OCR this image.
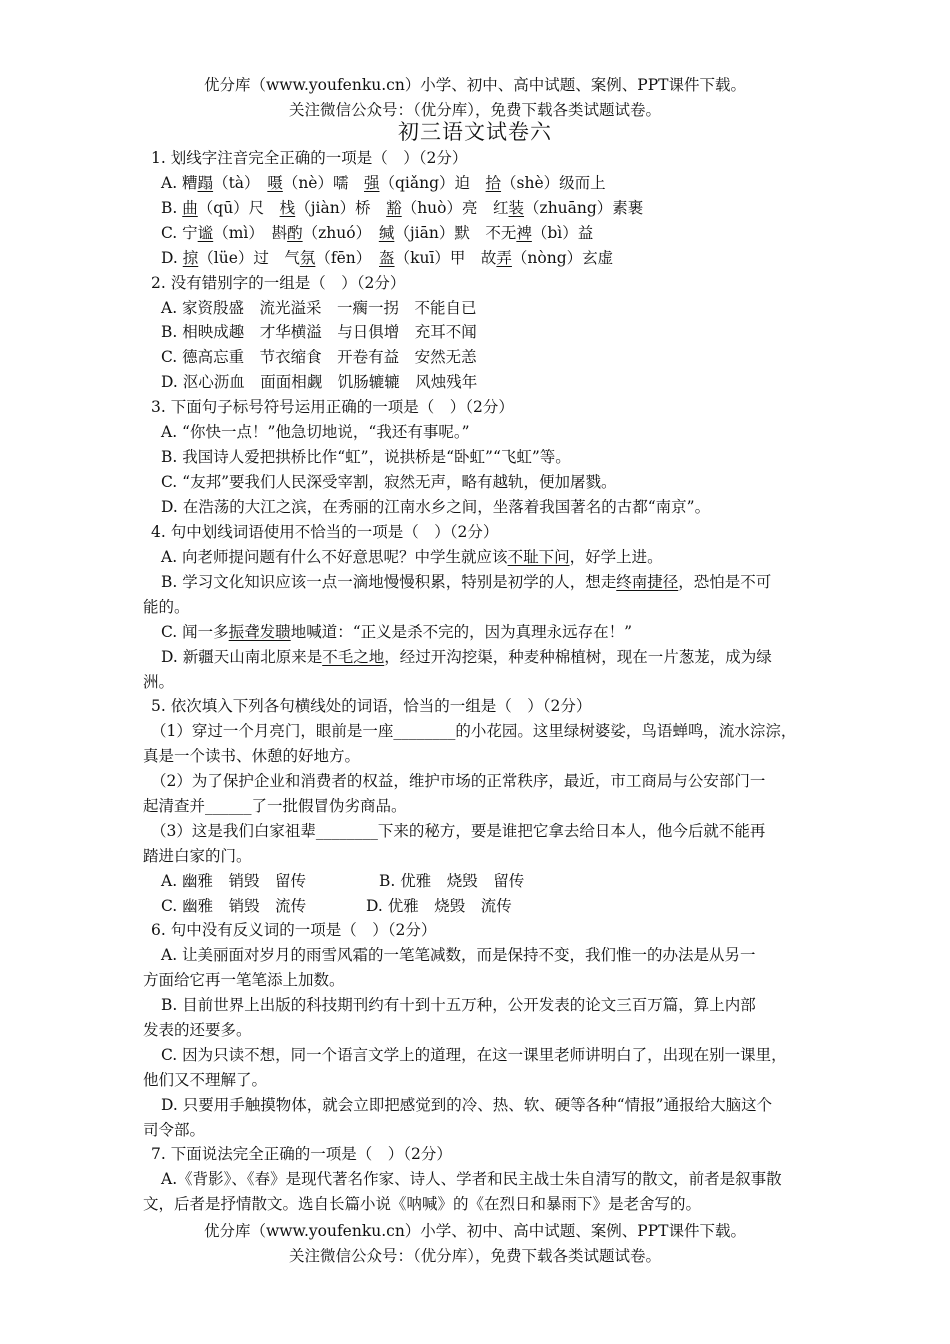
优分库（www.youfenku.cn）小学、初中、高中试题、案例、PPT课件下载。
关注微信公众号：（优分库），免费下载各类试题试卷。
初三语文试卷六
1. 划线字注音完全正确的一项是（　）（2分）
A. 糟蹋（tà）　嗫（nè）嚅　强（qiǎng）迫　拾（shè）级而上
B. 曲（qū）尺　栈（jiàn）桥　豁（huò）亮　红装（zhuāng）素裹
C. 宁谧（mì）　斟酌（zhuó）　缄（jiān）默　不无裨（bì）益
D. 掠（lüe）过　气氛（fēn）　盔（kuī）甲　故弄（nòng）玄虚
2. 没有错别字的一组是（　）（2分）
A. 家资殷盛　流光溢采　一瘸一拐　不能自已
B. 相映成趣　才华横溢　与日俱增　充耳不闻
C. 德高忘重　节衣缩食　开卷有益　安然无恙
D. 沤心沥血　面面相觑　饥肠辘辘　风烛残年
3. 下面句子标号符号运用正确的一项是（　）（2分）
A. “你快一点！”他急切地说，“我还有事呢。”
B. 我国诗人爱把拱桥比作“虹”，说拱桥是“卧虹”“飞虹”等。
C. “友邦”要我们人民深受宰割，寂然无声，略有越轨，便加屠戮。
D. 在浩荡的大江之滨，在秀丽的江南水乡之间，坐落着我国著名的古都“南京”。
4. 句中划线词语使用不恰当的一项是（　）（2分）
A. 向老师提问题有什么不好意思呢？中学生就应该不耻下问，好学上进。
B. 学习文化知识应该一点一滴地慢慢积累，特别是初学的人，想走终南捷径，恐怕是不可
能的。
C. 闻一多振聋发聩地喊道：“正义是杀不完的，因为真理永远存在！”
D. 新疆天山南北原来是不毛之地，经过开沟挖渠，种麦种棉植树，现在一片葱茏，成为绿
洲。
5. 依次填入下列各句横线处的词语，恰当的一组是（　）（2分）
（1）穿过一个月亮门，眼前是一座________的小花园。这里绿树婆娑，鸟语蝉鸣，流水淙淙，
真是一个读书、休憩的好地方。
（2）为了保护企业和消费者的权益，维护市场的正常秩序，最近，市工商局与公安部门一
起清查并______了一批假冒伪劣商品。
（3）这是我们白家祖辈________下来的秘方，要是谁把它拿去给日本人，他今后就不能再
踏进白家的门。
A. 幽雅　销毁　留传	B. 优雅　烧毁　留传
C. 幽雅　销毁　流传	D. 优雅　烧毁　流传
6. 句中没有反义词的一项是（　）（2分）
A. 让美丽面对岁月的雨雪风霜的一笔笔减数，而是保持不变，我们惟一的办法是从另一
方面给它再一笔笔添上加数。
B. 目前世界上出版的科技期刊约有十到十五万种，公开发表的论文三百万篇，算上内部
发表的还要多。
C. 因为只读不想，同一个语言文学上的道理，在这一课里老师讲明白了，出现在别一课里，
他们又不理解了。
D. 只要用手触摸物体，就会立即把感觉到的冷、热、软、硬等各种“情报”通报给大脑这个
司令部。
7. 下面说法完全正确的一项是（　）（2分）
A.《背影》、《春》是现代著名作家、诗人、学者和民主战士朱自清写的散文，前者是叙事散
文，后者是抒情散文。选自长篇小说《呐喊》的《在烈日和暴雨下》是老舍写的。
优分库（www.youfenku.cn）小学、初中、高中试题、案例、PPT课件下载。
关注微信公众号：（优分库），免费下载各类试题试卷。
